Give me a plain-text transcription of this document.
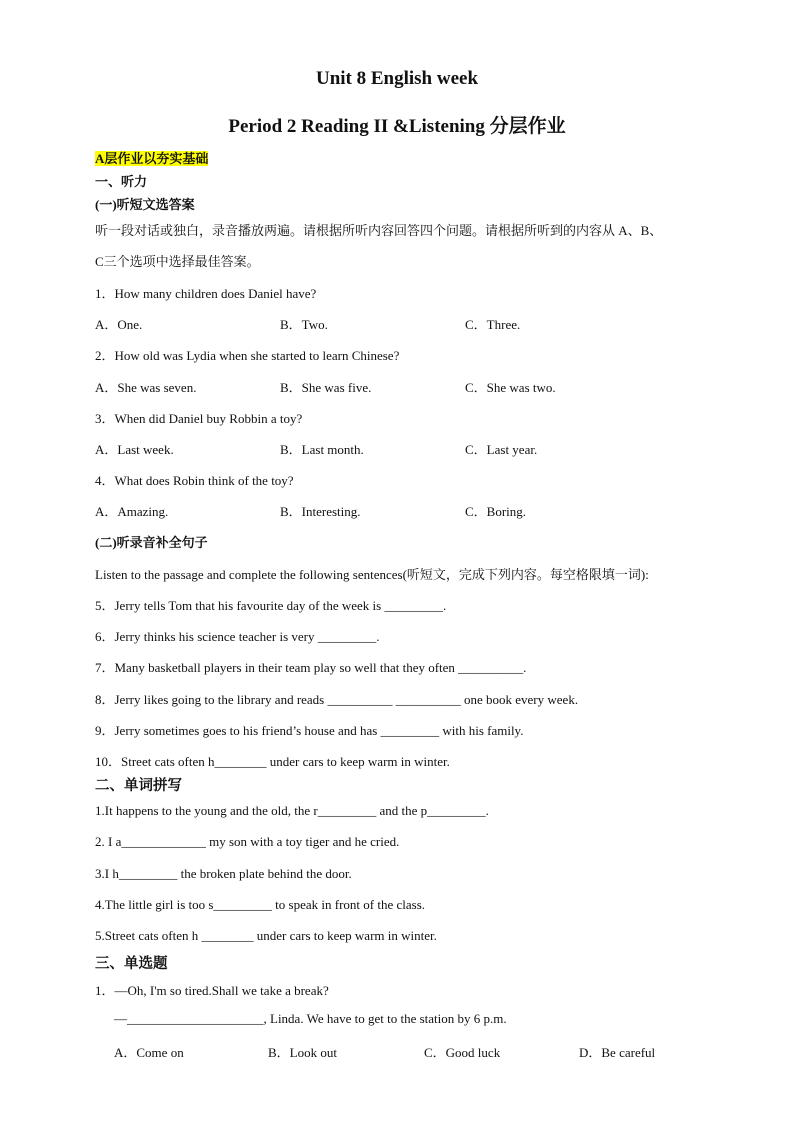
Unit 8 English week
Period 2 Reading II &Listening 分层作业
A层作业以夯实基础
一、听力
(一)听短文选答案
听一段对话或独白，录音播放两遍。请根据所听内容回答四个问题。请根据所听到的内容从 A、B、
C三个选项中选择最佳答案。
1．How many children does Daniel have?
A．One.	B．Two.	C．Three.
2．How old was Lydia when she started to learn Chinese?
A．She was seven.	B．She was five.	C．She was two.
3．When did Daniel buy Robbin a toy?
A．Last week.	B．Last month.	C．Last year.
4．What does Robin think of the toy?
A．Amazing.	B．Interesting.	C．Boring.
(二)听录音补全句子
Listen to the passage and complete the following sentences(听短文，完成下列内容。每空格限填一词):
5．Jerry tells Tom that his favourite day of the week is _________.
6．Jerry thinks his science teacher is very _________.
7．Many basketball players in their team play so well that they often __________.
8．Jerry likes going to the library and reads __________ __________ one book every week.
9．Jerry sometimes goes to his friend’s house and has _________ with his family.
10．Street cats often h________ under cars to keep warm in winter.
二、单词拼写
1.It happens to the young and the old, the r_________ and the p_________.
2. I a_____________ my son with a toy tiger and he cried.
3.I h_________ the broken plate behind the door.
4.The little girl is too s_________ to speak in front of the class.
5.Street cats often h ________ under cars to keep warm in winter.
三、单选题
1．—Oh, I'm so tired.Shall we take a break?
—_____________________, Linda. We have to get to the station by 6 p.m.
A．Come on	B．Look out	C．Good luck	D．Be careful
